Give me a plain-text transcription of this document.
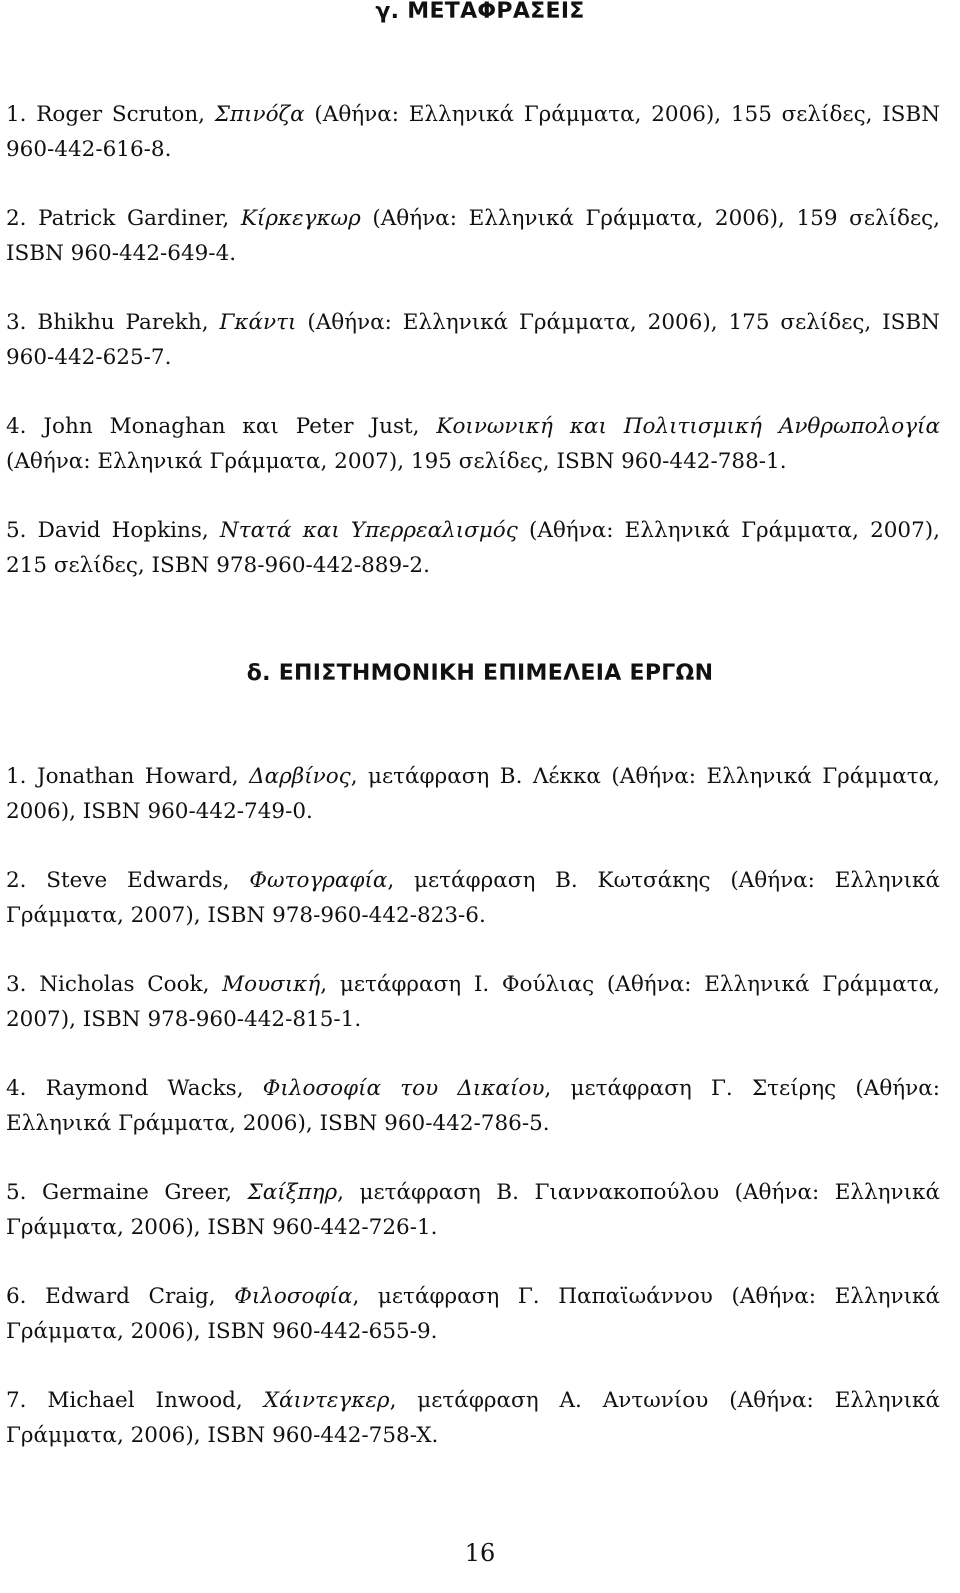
γ. ΜΕΤΑΦΡΑΣΕΙΣ

1. Roger Scruton, Σπινόζα (Αθήνα: Ελληνικά Γράμματα, 2006), 155 σελίδες, ISBN 960-442-616-8.

2. Patrick Gardiner, Κίρκεγκωρ (Αθήνα: Ελληνικά Γράμματα, 2006), 159 σελίδες, ISBN 960-442-649-4.

3. Bhikhu Parekh, Γκάντι (Αθήνα: Ελληνικά Γράμματα, 2006), 175 σελίδες, ISBN 960-442-625-7.

4. John Monaghan και Peter Just, Κοινωνική και Πολιτισμική Ανθρωπολογία (Αθήνα: Ελληνικά Γράμματα, 2007), 195 σελίδες, ISBN 960-442-788-1.

5. David Hopkins, Ντατά και Υπερρεαλισμός (Αθήνα: Ελληνικά Γράμματα, 2007), 215 σελίδες, ISBN 978-960-442-889-2.

δ. ΕΠΙΣΤΗΜΟΝΙΚΗ ΕΠΙΜΕΛΕΙΑ ΕΡΓΩΝ

1. Jonathan Howard, Δαρβίνος, μετάφραση Β. Λέκκα (Αθήνα: Ελληνικά Γράμματα, 2006), ISBN 960-442-749-0.

2. Steve Edwards, Φωτογραφία, μετάφραση Β. Κωτσάκης (Αθήνα: Ελληνικά Γράμματα, 2007), ISBN 978-960-442-823-6.

3. Nicholas Cook, Μουσική, μετάφραση Ι. Φούλιας (Αθήνα: Ελληνικά Γράμματα, 2007), ISBN 978-960-442-815-1.

4. Raymond Wacks, Φιλοσοφία του Δικαίου, μετάφραση Γ. Στείρης (Αθήνα: Ελληνικά Γράμματα, 2006), ISBN 960-442-786-5.

5. Germaine Greer, Σαίξπηρ, μετάφραση Β. Γιαννακοπούλου (Αθήνα: Ελληνικά Γράμματα, 2006), ISBN 960-442-726-1.

6. Edward Craig, Φιλοσοφία, μετάφραση Γ. Παπαϊωάννου (Αθήνα: Ελληνικά Γράμματα, 2006), ISBN 960-442-655-9.

7. Michael Inwood, Χάιντεγκερ, μετάφραση Α. Αντωνίου (Αθήνα: Ελληνικά Γράμματα, 2006), ISBN 960-442-758-X.

16
